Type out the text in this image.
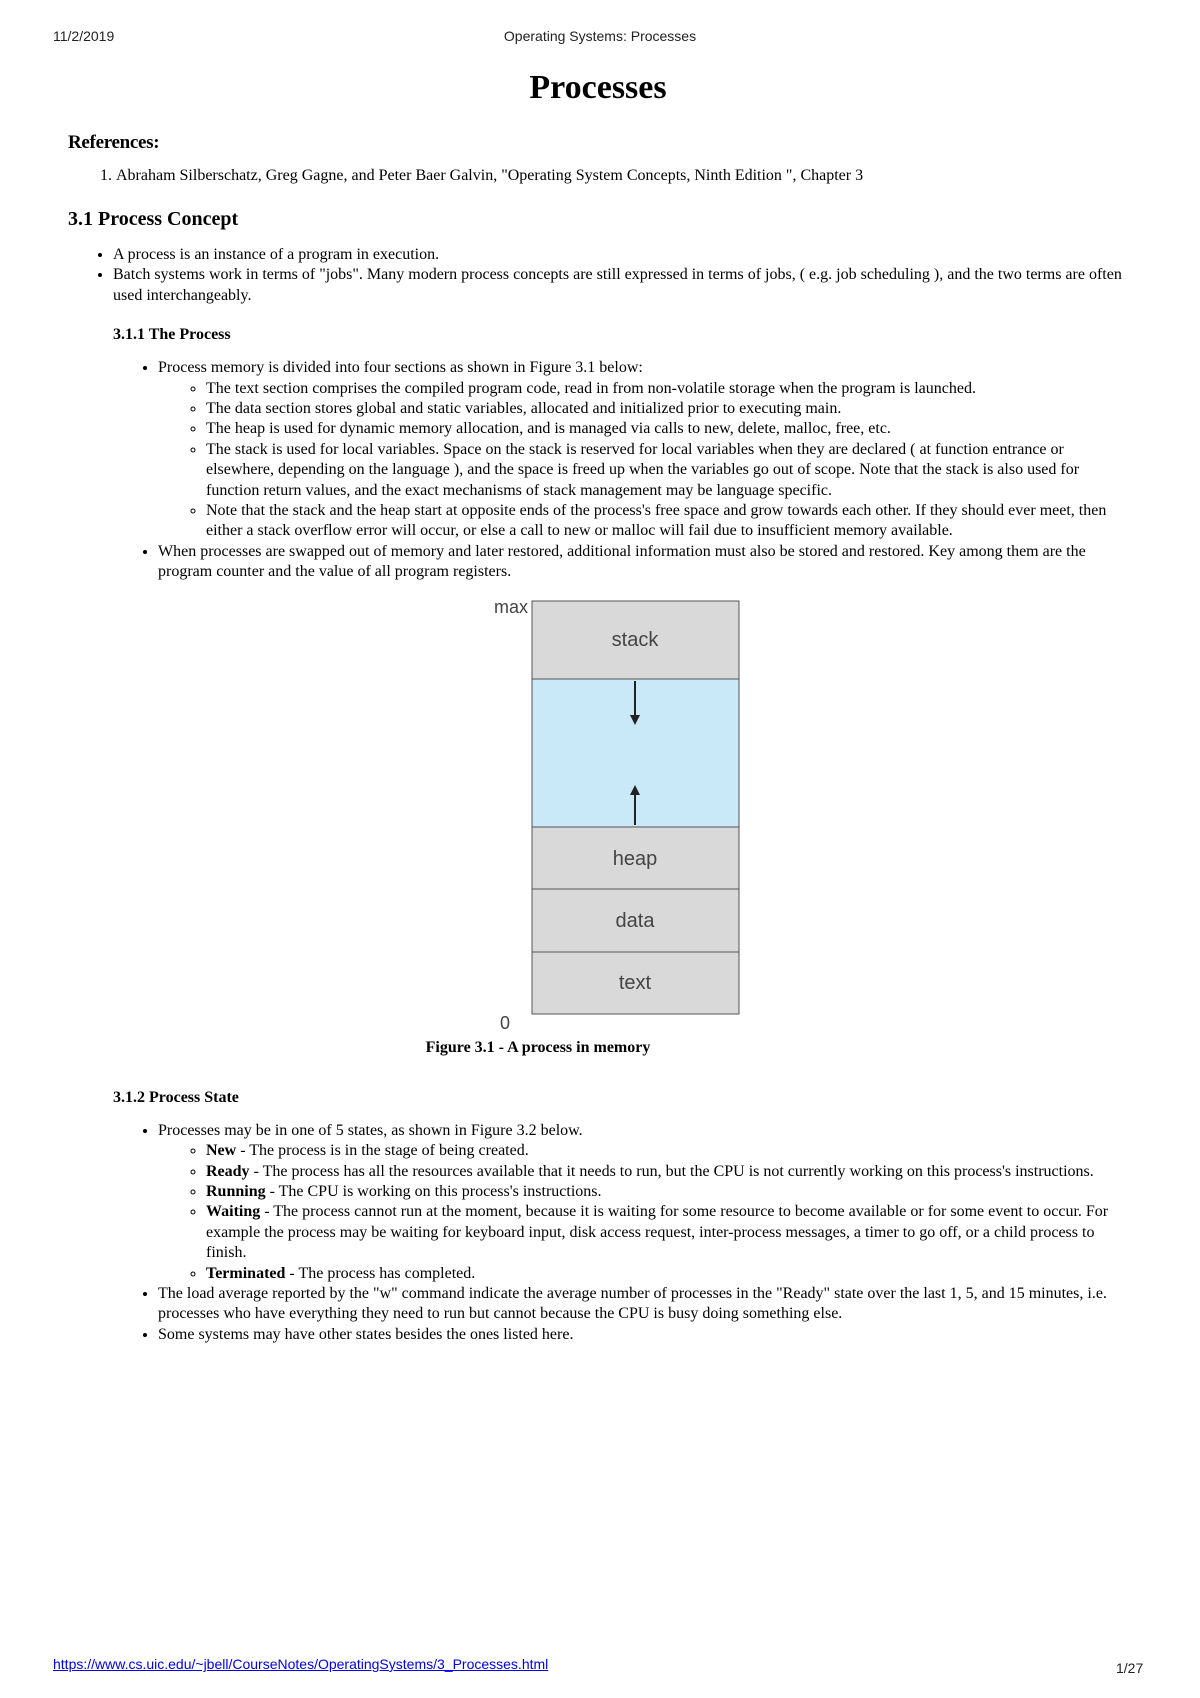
11/2/2019	Operating Systems: Processes
Processes
References:
1. Abraham Silberschatz, Greg Gagne, and Peter Baer Galvin, "Operating System Concepts, Ninth Edition ", Chapter 3
3.1 Process Concept
• A process is an instance of a program in execution.
• Batch systems work in terms of "jobs". Many modern process concepts are still expressed in terms of jobs, ( e.g. job scheduling ), and the two terms are often used interchangeably.
3.1.1 The Process
• Process memory is divided into four sections as shown in Figure 3.1 below:
◦ The text section comprises the compiled program code, read in from non-volatile storage when the program is launched.
◦ The data section stores global and static variables, allocated and initialized prior to executing main.
◦ The heap is used for dynamic memory allocation, and is managed via calls to new, delete, malloc, free, etc.
◦ The stack is used for local variables. Space on the stack is reserved for local variables when they are declared ( at function entrance or elsewhere, depending on the language ), and the space is freed up when the variables go out of scope. Note that the stack is also used for function return values, and the exact mechanisms of stack management may be language specific.
◦ Note that the stack and the heap start at opposite ends of the process's free space and grow towards each other. If they should ever meet, then either a stack overflow error will occur, or else a call to new or malloc will fail due to insufficient memory available.
• When processes are swapped out of memory and later restored, additional information must also be stored and restored. Key among them are the program counter and the value of all program registers.
stack
heap
data
text
max
0
Figure 3.1 - A process in memory
3.1.2 Process State
• Processes may be in one of 5 states, as shown in Figure 3.2 below.
◦ New - The process is in the stage of being created.
◦ Ready - The process has all the resources available that it needs to run, but the CPU is not currently working on this process's instructions.
◦ Running - The CPU is working on this process's instructions.
◦ Waiting - The process cannot run at the moment, because it is waiting for some resource to become available or for some event to occur. For example the process may be waiting for keyboard input, disk access request, inter-process messages, a timer to go off, or a child process to finish.
◦ Terminated - The process has completed.
• The load average reported by the "w" command indicate the average number of processes in the "Ready" state over the last 1, 5, and 15 minutes, i.e. processes who have everything they need to run but cannot because the CPU is busy doing something else.
• Some systems may have other states besides the ones listed here.
https://www.cs.uic.edu/~jbell/CourseNotes/OperatingSystems/3_Processes.html	1/27
